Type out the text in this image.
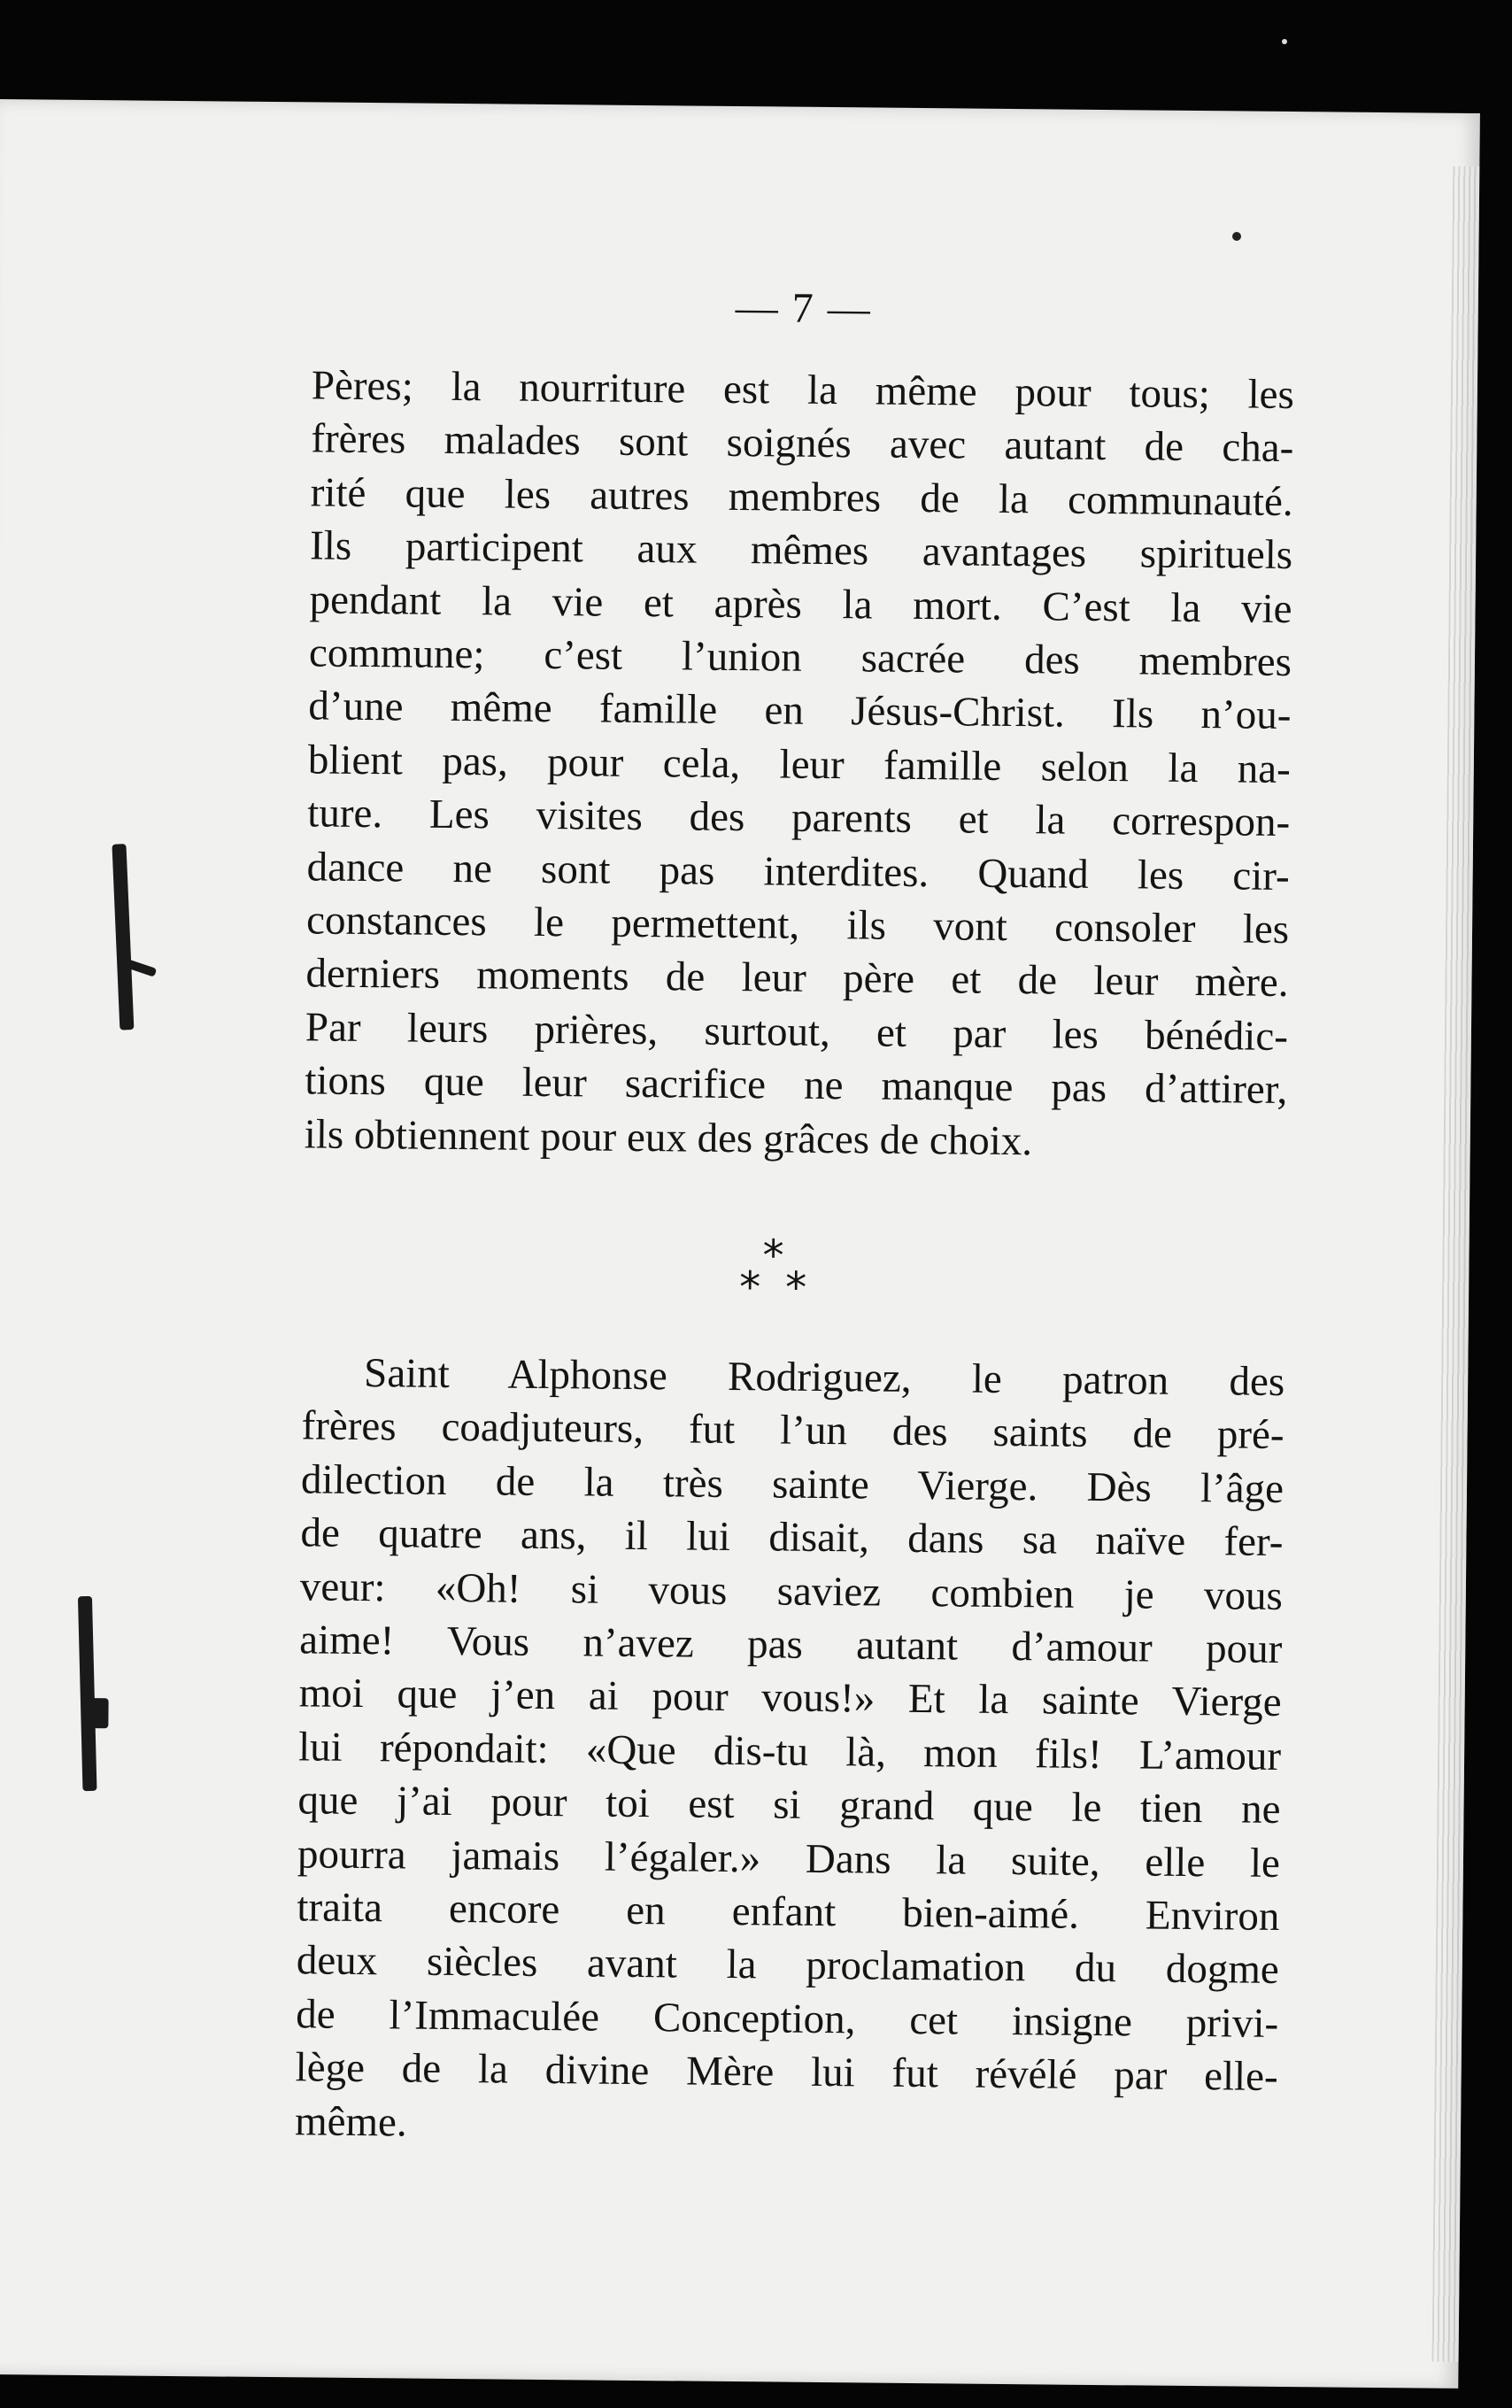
— 7 —
Pères; la nourriture est la même pour tous; les
frères malades sont soignés avec autant de cha-
rité que les autres membres de la communauté.
Ils participent aux mêmes avantages spirituels
pendant la vie et après la mort. C’est la vie
commune; c’est l’union sacrée des membres
d’une même famille en Jésus-Christ. Ils n’ou-
blient pas, pour cela, leur famille selon la na-
ture. Les visites des parents et la correspon-
dance ne sont pas interdites. Quand les cir-
constances le permettent, ils vont consoler les
derniers moments de leur père et de leur mère.
Par leurs prières, surtout, et par les bénédic-
tions que leur sacrifice ne manque pas d’attirer,
ils obtiennent pour eux des grâces de choix.
*
* *
Saint Alphonse Rodriguez, le patron des
frères coadjuteurs, fut l’un des saints de pré-
dilection de la très sainte Vierge. Dès l’âge
de quatre ans, il lui disait, dans sa naïve fer-
veur: «Oh! si vous saviez combien je vous
aime! Vous n’avez pas autant d’amour pour
moi que j’en ai pour vous!» Et la sainte Vierge
lui répondait: «Que dis-tu là, mon fils! L’amour
que j’ai pour toi est si grand que le tien ne
pourra jamais l’égaler.» Dans la suite, elle le
traita encore en enfant bien-aimé. Environ
deux siècles avant la proclamation du dogme
de l’Immaculée Conception, cet insigne privi-
lège de la divine Mère lui fut révélé par elle-
même.
